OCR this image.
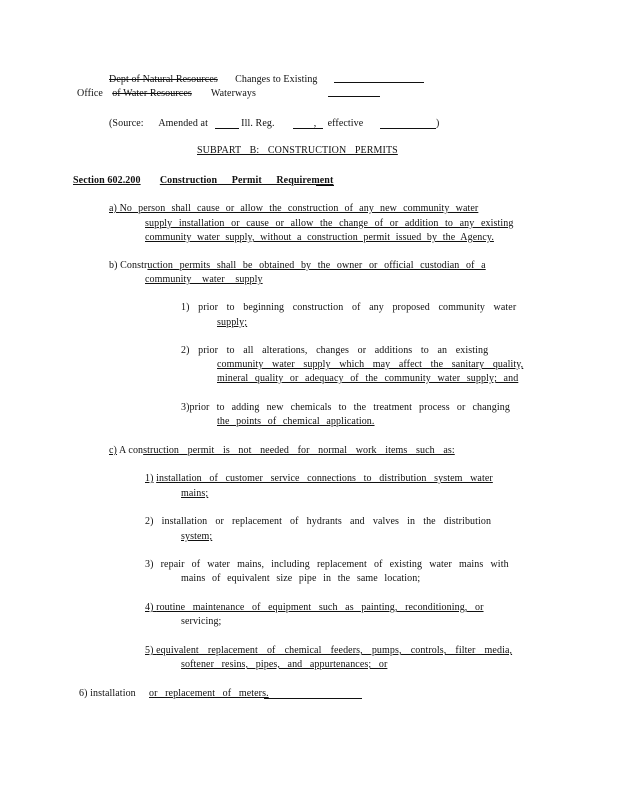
Dept of Natural Resources Changes to Existing
Office of Water Resources Waterways
(Source: Amended at	Ill. Reg.	, effective	)
SUBPART B: CONSTRUCTION PERMITS
Section 602.200 Construction Permit Requirement
a) No person shall cause or allow the construction of any new community water
supply installation or cause or allow the change of or addition to any existing
community water supply, without a construction permit issued by the Agency.
b) Construction permits shall be obtained by the owner or official custodian of a
community water supply
1) prior to beginning construction of any proposed community water
supply;
2) prior to all alterations, changes or additions to an existing
community water supply which may affect the sanitary quality,
mineral quality or adequacy of the community water supply; and
3)prior to adding new chemicals to the treatment process or changing
the points of chemical application.
c) A construction permit is not needed for normal work items such as:
1) installation of customer service connections to distribution system water
mains;
2) installation or replacement of hydrants and valves in the distribution
system;
3) repair of water mains, including replacement of existing water mains with
mains of equivalent size pipe in the same location;
4) routine maintenance of equipment such as painting, reconditioning, or
servicing;
5) equivalent replacement of chemical feeders, pumps, controls, filter media,
softener resins, pipes, and appurtenances; or
6) installation or replacement of meters.
